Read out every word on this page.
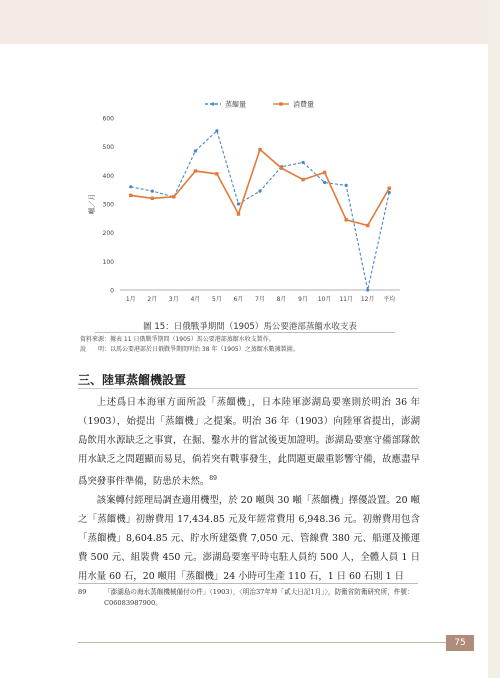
0
100
200
300
400
500
600
1月 2月 3月 4月 5月 6月 7月 8月 9月 10月 11月 12月 平均
噸／月
蒸餾量	消費量
圖 15：日俄戰爭期間（1905）馬公要港部蒸餾水收支表
資料來源：據表 11 日俄戰爭期間（1905）馬公要港部蒸餾水收支製作。
說　　明：以馬公要港部於日俄戰爭期間明治 38 年（1905）之蒸餾水數據製圖。
三、陸軍蒸餾機設置

上述爲日本海軍方面所設「蒸餾機」，日本陸軍澎湖島要塞則於明治 36 年（1903），始提出「蒸餾機」之提案。明治 36 年（1903）向陸軍省提出，澎湖島飲用水源缺乏之事實，在掘、鑿水井的嘗試後更加證明。澎湖島要塞守備部隊飲用水缺乏之問題顯而易見，倘若突有戰事發生，此問題更嚴重影響守備，故應盡早爲突發事件準備，防患於未然。$^{89}$

該案轉付經理局調查適用機型，於 20 噸與 30 噸「蒸餾機」擇優設置。20 噸之「蒸餾機」初辦費用 17,434.85 元及年經常費用 6,948.36 元。初辦費用包含「蒸餾機」8,604.85 元、貯水所建築費 7,050 元、管線費 380 元、船運及搬運費 500 元、組裝費 450 元。澎湖島要塞平時屯駐人員約 500 人，全體人員 1 日用水量 60 石，20 噸用「蒸餾機」24 小時可生產 110 石，1 日 60 石則 1 日

89	「澎湖島の海水蒸餾機械備付の件」（1903），〈明治37年坤「貳大日記1月」〉，防衛省防衛研究所，件號：C06083987900。
75
